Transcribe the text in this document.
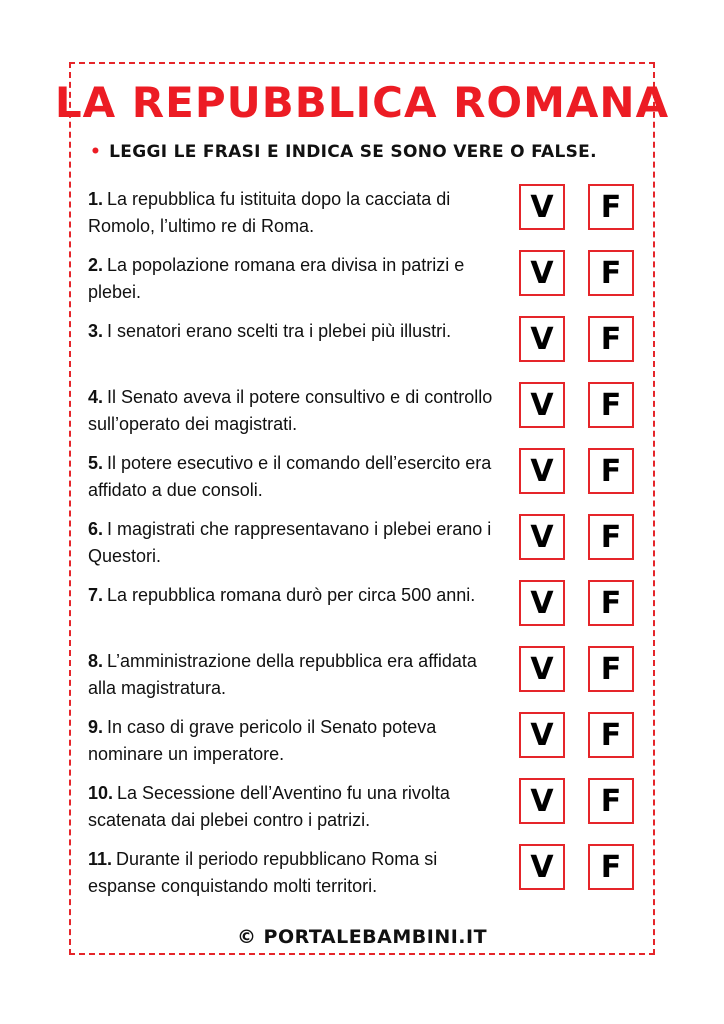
LA REPUBBLICA ROMANA
• LEGGI LE FRASI E INDICA SE SONO VERE O FALSE.
1. La repubblica fu istituita dopo la cacciata di Romolo, l’ultimo re di Roma.
V	F
2. La popolazione romana era divisa in patrizi e plebei.
V	F
3. I senatori erano scelti tra i plebei più illustri.	V	F
4. Il Senato aveva il potere consultivo e di controllo sull’operato dei magistrati.
V	F
5. Il potere esecutivo e il comando dell’esercito era affidato a due consoli.
V	F
6. I magistrati che rappresentavano i plebei erano i Questori.
V	F
7. La repubblica romana durò per circa 500 anni.	V	F
8. L’amministrazione della repubblica era affidata alla magistratura.
V	F
9. In caso di grave pericolo il Senato poteva nominare un imperatore.
V	F
10. La Secessione dell’Aventino fu una rivolta scatenata dai plebei contro i patrizi.
V	F
11. Durante il periodo repubblicano Roma si espanse conquistando molti territori.
V	F
© PORTALEBAMBINI.IT
